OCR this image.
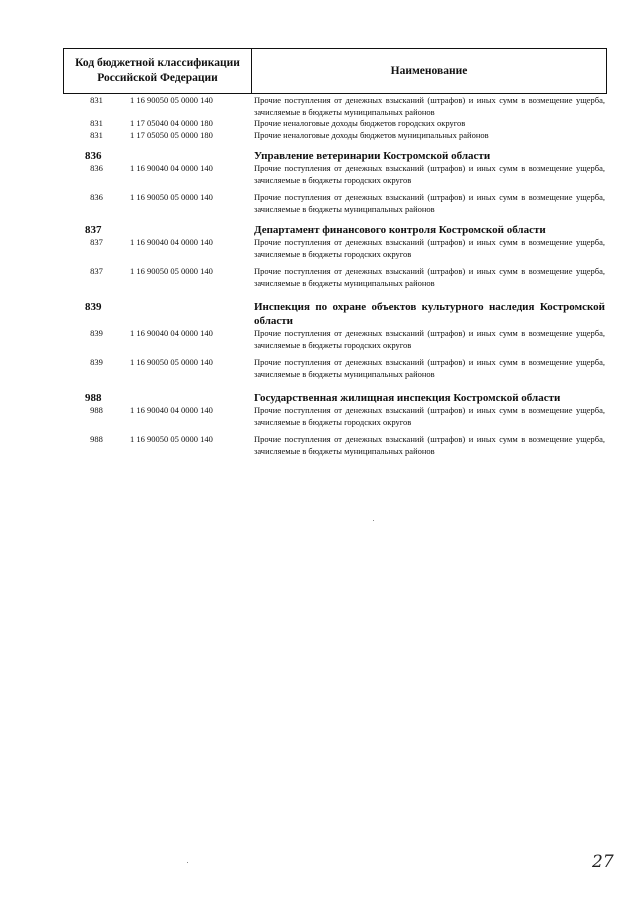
Код бюджетной классификации Российской Федерации
Наименование
831	1 16 90050 05 0000 140	Прочие поступления от денежных взысканий (штрафов) и иных сумм в возмещение ущерба, зачисляемые в бюджеты муниципальных районов
831	1 17 05040 04 0000 180	Прочие неналоговые доходы бюджетов городских округов
831	1 17 05050 05 0000 180	Прочие неналоговые доходы бюджетов муниципальных районов
836	Управление ветеринарии Костромской области
836	1 16 90040 04 0000 140	Прочие поступления от денежных взысканий (штрафов) и иных сумм в возмещение ущерба, зачисляемые в бюджеты городских округов
836	1 16 90050 05 0000 140	Прочие поступления от денежных взысканий (штрафов) и иных сумм в возмещение ущерба, зачисляемые в бюджеты муниципальных районов
837	Департамент финансового контроля Костромской области
837	1 16 90040 04 0000 140	Прочие поступления от денежных взысканий (штрафов) и иных сумм в возмещение ущерба, зачисляемые в бюджеты городских округов
837	1 16 90050 05 0000 140	Прочие поступления от денежных взысканий (штрафов) и иных сумм в возмещение ущерба, зачисляемые в бюджеты муниципальных районов
839	Инспекция по охране объектов культурного наследия Костромской области
839	1 16 90040 04 0000 140	Прочие поступления от денежных взысканий (штрафов) и иных сумм в возмещение ущерба, зачисляемые в бюджеты городских округов
839	1 16 90050 05 0000 140	Прочие поступления от денежных взысканий (штрафов) и иных сумм в возмещение ущерба, зачисляемые в бюджеты муниципальных районов
988	Государственная жилищная инспекция Костромской области
988	1 16 90040 04 0000 140	Прочие поступления от денежных взысканий (штрафов) и иных сумм в возмещение ущерба, зачисляемые в бюджеты городских округов
988	1 16 90050 05 0000 140	Прочие поступления от денежных взысканий (штрафов) и иных сумм в возмещение ущерба, зачисляемые в бюджеты муниципальных районов
27
